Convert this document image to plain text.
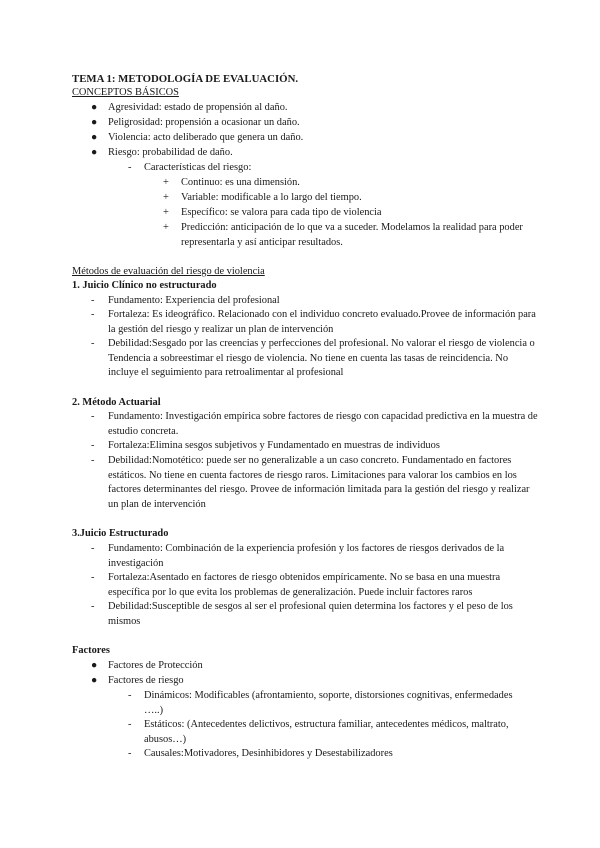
TEMA 1: METODOLOGÍA DE EVALUACIÓN.
CONCEPTOS BÁSICOS
● Agresividad: estado de propensión al daño.
● Peligrosidad: propensión a ocasionar un daño.
● Violencia: acto deliberado que genera un daño.
● Riesgo: probabilidad de daño.
- Características del riesgo:
+ Continuo: es una dimensión.
+ Variable: modificable a lo largo del tiempo.
+ Específico: se valora para cada tipo de violencia
+ Predicción: anticipación de lo que va a suceder. Modelamos la realidad para poder representarla y así anticipar resultados.
Métodos de evaluación del riesgo de violencia
1. Juicio Clínico no estructurado
- Fundamento: Experiencia del profesional
- Fortaleza: Es ideográfico. Relacionado con el individuo concreto evaluado.Provee de información para la gestión del riesgo y realizar un plan de intervención
- Debilidad:Sesgado por las creencias y perfecciones del profesional. No valorar el riesgo de violencia o Tendencia a sobreestimar el riesgo de violencia. No tiene en cuenta las tasas de reincidencia. No incluye el seguimiento para retroalimentar al profesional
2. Método Actuarial
- Fundamento: Investigación empírica sobre factores de riesgo con capacidad predictiva en la muestra de estudio concreta.
- Fortaleza:Elimina sesgos subjetivos y Fundamentado en muestras de individuos
- Debilidad:Nomotético: puede ser no generalizable a un caso concreto. Fundamentado en factores estáticos. No tiene en cuenta factores de riesgo raros. Limitaciones para valorar los cambios en los factores determinantes del riesgo. Provee de información limitada para la gestión del riesgo y realizar un plan de intervención
3.Juicio Estructurado
- Fundamento: Combinación de la experiencia profesión y los factores de riesgos derivados de la investigación
- Fortaleza:Asentado en factores de riesgo obtenidos empíricamente. No se basa en una muestra específica por lo que evita los problemas de generalización. Puede incluir factores raros
- Debilidad:Susceptible de sesgos al ser el profesional quien determina los factores y el peso de los mismos
Factores
● Factores de Protección
● Factores de riesgo
- Dinámicos: Modificables (afrontamiento, soporte, distorsiones cognitivas, enfermedades …..)
- Estáticos: (Antecedentes delictivos, estructura familiar, antecedentes médicos, maltrato, abusos…)
- Causales:Motivadores, Desinhibidores y Desestabilizadores
